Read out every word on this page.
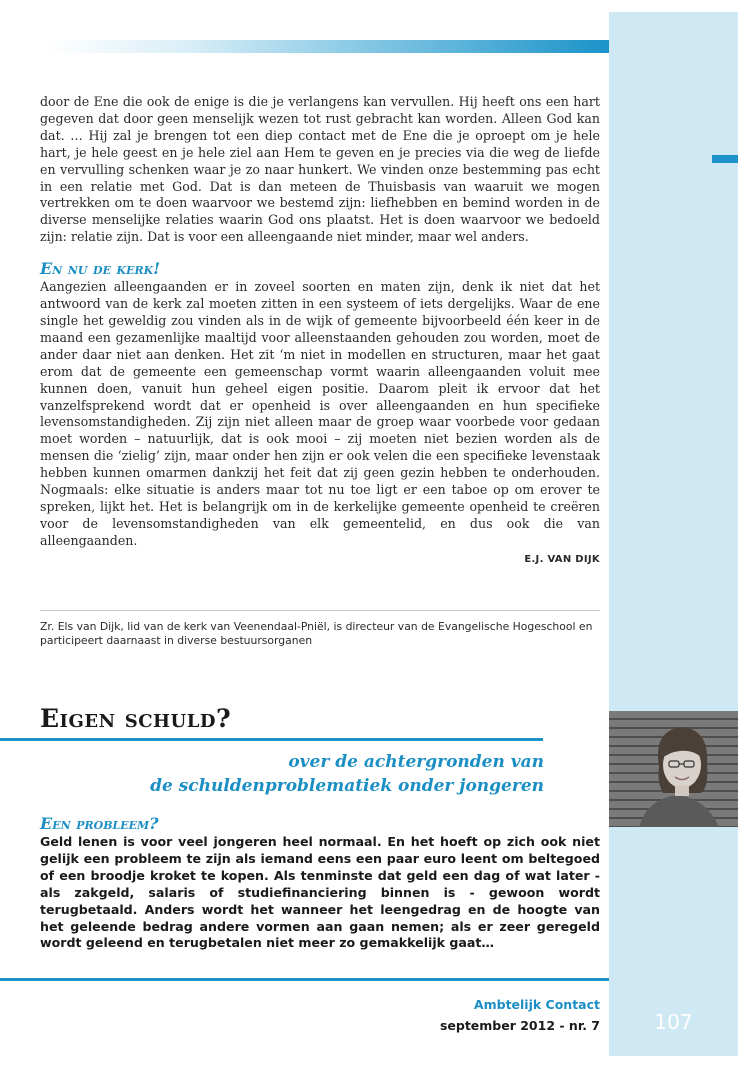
door de Ene die ook de enige is die je verlangens kan vervullen. Hij heeft ons een hart gegeven dat door geen menselijk wezen tot rust gebracht kan worden. Alleen God kan dat. … Hij zal je brengen tot een diep contact met de Ene die je oproept om je hele hart, je hele geest en je hele ziel aan Hem te geven en je precies via die weg de liefde en vervulling schenken waar je zo naar hunkert. We vinden onze bestemming pas echt in een relatie met God. Dat is dan meteen de Thuisbasis van waaruit we mogen vertrekken om te doen waarvoor we bestemd zijn: liefhebben en bemind worden in de diverse menselijke relaties waarin God ons plaatst. Het is doen waarvoor we bedoeld zijn: relatie zijn. Dat is voor een alleengaande niet minder, maar wel anders.

En nu de kerk!

Aangezien alleengaanden er in zoveel soorten en maten zijn, denk ik niet dat het antwoord van de kerk zal moeten zitten in een systeem of iets dergelijks. Waar de ene single het geweldig zou vinden als in de wijk of gemeente bijvoorbeeld één keer in de maand een gezamenlijke maaltijd voor alleenstaanden gehouden zou worden, moet de ander daar niet aan denken. Het zit ‘m niet in modellen en structuren, maar het gaat erom dat de gemeente een gemeenschap vormt waarin alleengaanden voluit mee kunnen doen, vanuit hun geheel eigen positie. Daarom pleit ik ervoor dat het vanzelfsprekend wordt dat er openheid is over alleengaanden en hun specifieke levensomstandigheden. Zij zijn niet alleen maar de groep waar voorbede voor gedaan moet worden – natuurlijk, dat is ook mooi – zij moeten niet bezien worden als de mensen die ‘zielig’ zijn, maar onder hen zijn er ook velen die een specifieke levenstaak hebben kunnen omarmen dankzij het feit dat zij geen gezin hebben te onderhouden. Nogmaals: elke situatie is anders maar tot nu toe ligt er een taboe op om erover te spreken, lijkt het. Het is belangrijk om in de kerkelijke gemeente openheid te creëren voor de levensomstandigheden van elk gemeentelid, en dus ook die van alleengaanden.

E.J. VAN DIJK
Zr. Els van Dijk, lid van de kerk van Veenendaal-Pniël, is directeur van de Evangelische Hogeschool en participeert daarnaast in diverse bestuursorganen
Eigen schuld?
over de achtergronden van
de schuldenproblematiek onder jongeren
Een probleem?

Geld lenen is voor veel jongeren heel normaal. En het hoeft op zich ook niet gelijk een probleem te zijn als iemand eens een paar euro leent om beltegoed of een broodje kroket te kopen. Als tenminste dat geld een dag of wat later - als zakgeld, salaris of studiefinanciering binnen is - gewoon wordt terugbetaald. Anders wordt het wanneer het leengedrag en de hoogte van het geleende bedrag andere vormen aan gaan nemen; als er zeer geregeld wordt geleend en terugbetalen niet meer zo gemakkelijk gaat…

Ambtelijk Contact
september 2012 - nr. 7	107
